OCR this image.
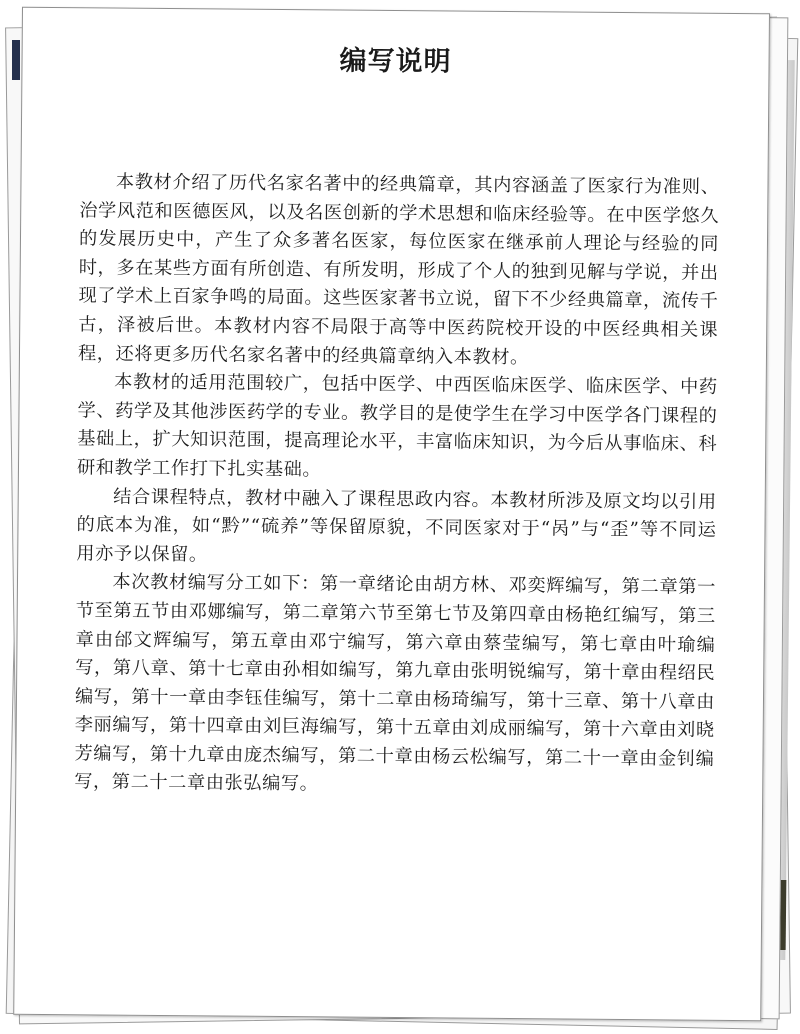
编写说明

本教材介绍了历代名家名著中的经典篇章，其内容涵盖了医家行为准则、治学风范和医德医风，以及名医创新的学术思想和临床经验等。在中医学悠久的发展历史中，产生了众多著名医家，每位医家在继承前人理论与经验的同时，多在某些方面有所创造、有所发明，形成了个人的独到见解与学说，并出现了学术上百家争鸣的局面。这些医家著书立说，留下不少经典篇章，流传千古，泽被后世。本教材内容不局限于高等中医药院校开设的中医经典相关课程，还将更多历代名家名著中的经典篇章纳入本教材。

本教材的适用范围较广，包括中医学、中西医临床医学、临床医学、中药学、药学及其他涉医药学的专业。教学目的是使学生在学习中医学各门课程的基础上，扩大知识范围，提高理论水平，丰富临床知识，为今后从事临床、科研和教学工作打下扎实基础。

结合课程特点，教材中融入了课程思政内容。本教材所涉及原文均以引用的底本为准，如“黔”“硫养”等保留原貌，不同医家对于“呙”与“歪”等不同运用亦予以保留。

本次教材编写分工如下：第一章绪论由胡方林、邓奕辉编写，第二章第一节至第五节由邓娜编写，第二章第六节至第七节及第四章由杨艳红编写，第三章由邰文辉编写，第五章由邓宁编写，第六章由蔡莹编写，第七章由叶瑜编写，第八章、第十七章由孙相如编写，第九章由张明锐编写，第十章由程绍民编写，第十一章由李钰佳编写，第十二章由杨琦编写，第十三章、第十八章由李丽编写，第十四章由刘巨海编写，第十五章由刘成丽编写，第十六章由刘晓芳编写，第十九章由庞杰编写，第二十章由杨云松编写，第二十一章由金钊编写，第二十二章由张弘编写。
